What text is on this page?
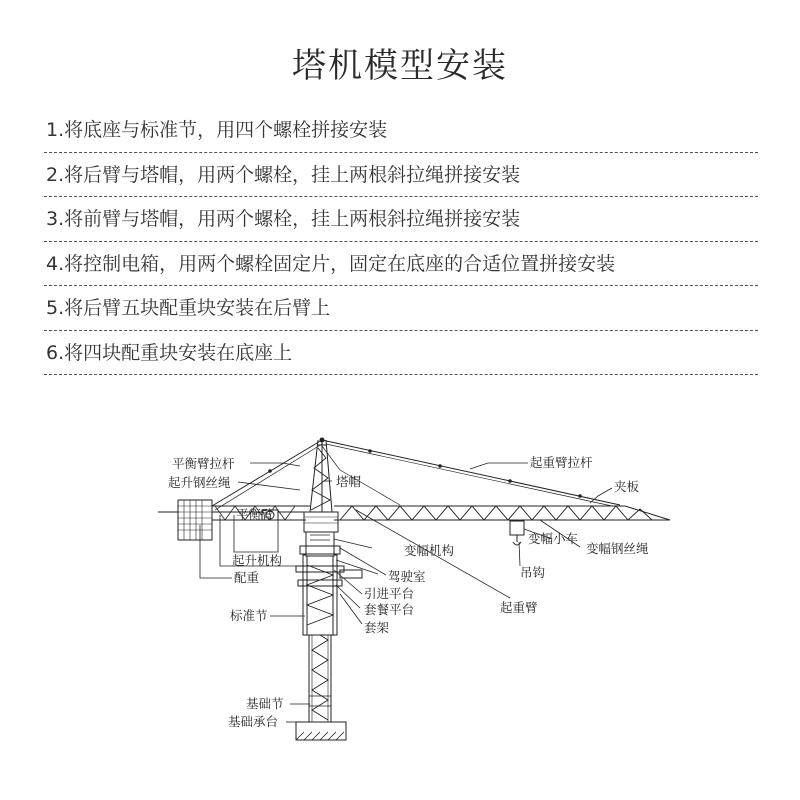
塔机模型安装
1.将底座与标准节，用四个螺栓拼接安装
2.将后臂与塔帽，用两个螺栓，挂上两根斜拉绳拼接安装
3.将前臂与塔帽，用两个螺栓，挂上两根斜拉绳拼接安装
4.将控制电箱，用两个螺栓固定片，固定在底座的合适位置拼接安装
5.将后臂五块配重块安装在后臂上
6.将四块配重块安装在底座上
平衡臂拉杆
起升钢丝绳	塔帽
起重臂拉杆
夹板
平衡臂
起升机构
配重
变幅机构
变幅小车
变幅钢丝绳
吊钩
驾驶室
引进平台
套餐平台
套架
起重臂
标准节
基础节
基础承台
